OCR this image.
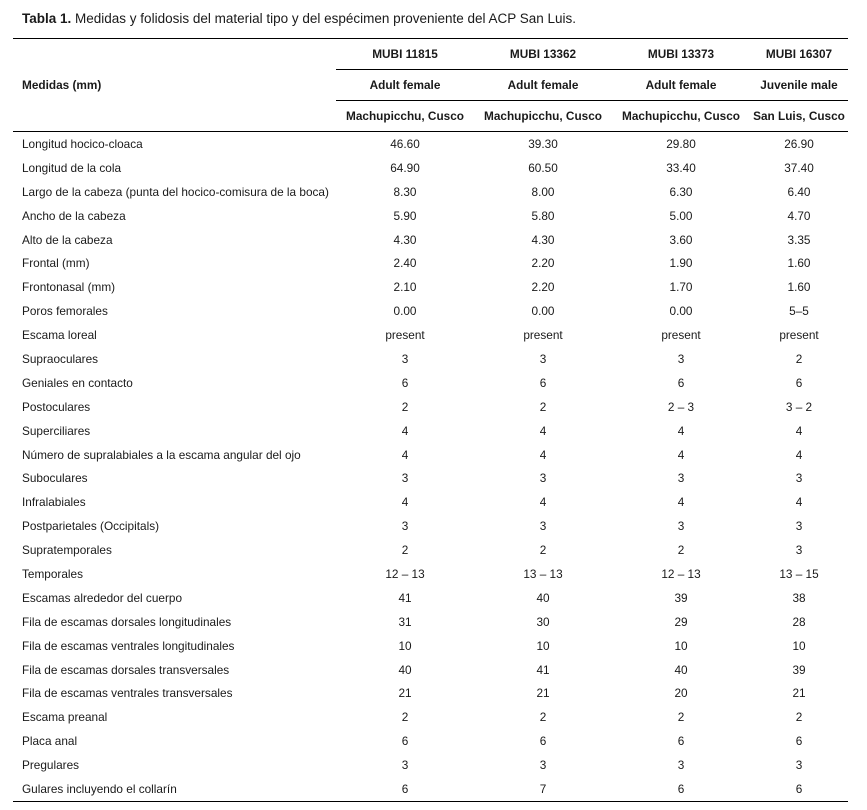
Tabla 1. Medidas y folidosis del material tipo y del espécimen proveniente del ACP San Luis.
Medidas (mm)	MUBI 11815	MUBI 13362	MUBI 13373	MUBI 16307
	Adult female	Adult female	Adult female	Juvenile male
	Machupicchu, Cusco	Machupicchu, Cusco	Machupicchu, Cusco	San Luis, Cusco
Longitud hocico-cloaca	46.60	39.30	29.80	26.90
Longitud de la cola	64.90	60.50	33.40	37.40
Largo de la cabeza (punta del hocico-comisura de la boca)	8.30	8.00	6.30	6.40
Ancho de la cabeza	5.90	5.80	5.00	4.70
Alto de la cabeza	4.30	4.30	3.60	3.35
Frontal (mm)	2.40	2.20	1.90	1.60
Frontonasal (mm)	2.10	2.20	1.70	1.60
Poros femorales	0.00	0.00	0.00	5–5
Escama loreal	present	present	present	present
Supraoculares	3	3	3	2
Geniales en contacto	6	6	6	6
Postoculares	2	2	2 – 3	3 – 2
Superciliares	4	4	4	4
Número de supralabiales a la escama angular del ojo	4	4	4	4
Suboculares	3	3	3	3
Infralabiales	4	4	4	4
Postparietales (Occipitals)	3	3	3	3
Supratemporales	2	2	2	3
Temporales	12 – 13	13 – 13	12 – 13	13 – 15
Escamas alrededor del cuerpo	41	40	39	38
Fila de escamas dorsales longitudinales	31	30	29	28
Fila de escamas ventrales longitudinales	10	10	10	10
Fila de escamas dorsales transversales	40	41	40	39
Fila de escamas ventrales transversales	21	21	20	21
Escama preanal	2	2	2	2
Placa anal	6	6	6	6
Pregulares	3	3	3	3
Gulares incluyendo el collarín	6	7	6	6
